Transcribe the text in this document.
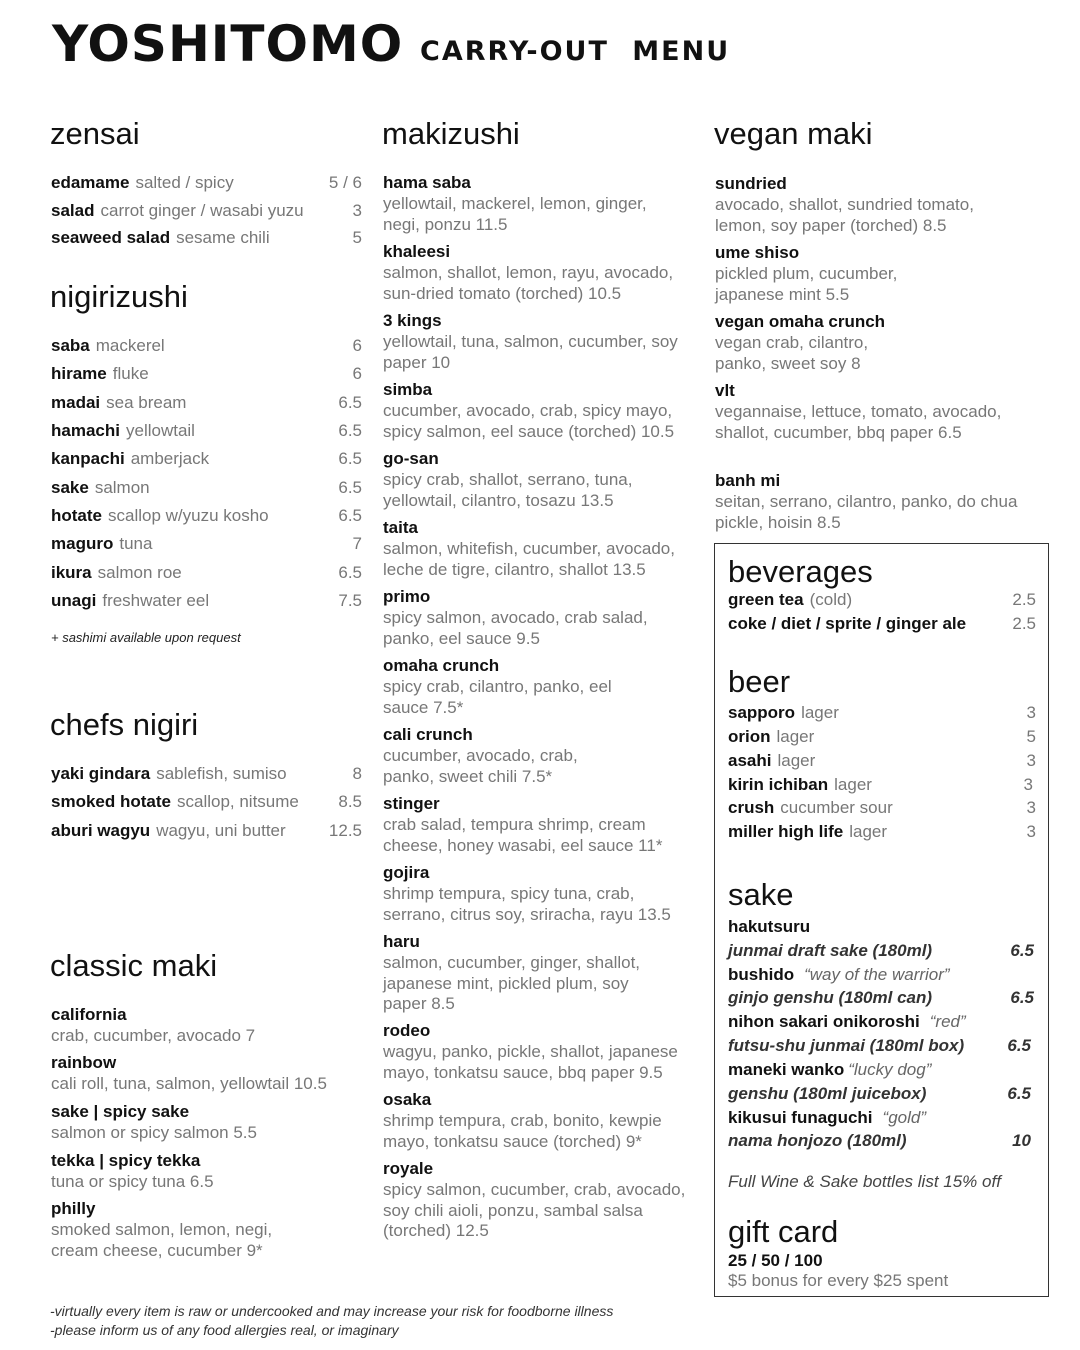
YOSHITOMO CARRY-OUT MENU
zensai
edamame salted / spicy	5 / 6
salad carrot ginger / wasabi yuzu	3
seaweed salad sesame chili	5
nigirizushi
saba mackerel	6
hirame fluke	6
madai sea bream	6.5
hamachi yellowtail	6.5
kanpachi amberjack	6.5
sake salmon	6.5
hotate scallop w/yuzu kosho	6.5
maguro tuna	7
ikura salmon roe	6.5
unagi freshwater eel	7.5
+ sashimi available upon request
chefs nigiri
yaki gindara sablefish, sumiso	8
smoked hotate scallop, nitsume 8.5
aburi wagyu wagyu, uni butter	12.5
classic maki
california
crab, cucumber, avocado 7
rainbow
cali roll, tuna, salmon, yellowtail 10.5
sake | spicy sake
salmon or spicy salmon 5.5
tekka | spicy tekka
tuna or spicy tuna 6.5
philly
smoked salmon, lemon, negi, cream cheese, cucumber 9*
makizushi
hama saba
yellowtail, mackerel, lemon, ginger, negi, ponzu 11.5
khaleesi
salmon, shallot, lemon, rayu, avocado, sun-dried tomato (torched) 10.5
3 kings
yellowtail, tuna, salmon, cucumber, soy paper 10
simba
cucumber, avocado, crab, spicy mayo, spicy salmon, eel sauce (torched) 10.5
go-san
spicy crab, shallot, serrano, tuna, yellowtail, cilantro, tosazu 13.5
taita
salmon, whitefish, cucumber, avocado, leche de tigre, cilantro, shallot 13.5
primo
spicy salmon, avocado, crab salad, panko, eel sauce 9.5
omaha crunch
spicy crab, cilantro, panko, eel sauce 7.5*
cali crunch
cucumber, avocado, crab, panko, sweet chili 7.5*
stinger
crab salad, tempura shrimp, cream cheese, honey wasabi, eel sauce 11*
gojira
shrimp tempura, spicy tuna, crab, serrano, citrus soy, sriracha, rayu 13.5
haru
salmon, cucumber, ginger, shallot, japanese mint, pickled plum, soy paper 8.5
rodeo
wagyu, panko, pickle, shallot, japanese mayo, tonkatsu sauce, bbq paper 9.5
osaka
shrimp tempura, crab, bonito, kewpie mayo, tonkatsu sauce (torched) 9*
royale
spicy salmon, cucumber, crab, avocado, soy chili aioli, ponzu, sambal salsa (torched) 12.5
vegan maki
sundried
avocado, shallot, sundried tomato, lemon, soy paper (torched) 8.5
ume shiso
pickled plum, cucumber, japanese mint 5.5
vegan omaha crunch
vegan crab, cilantro, panko, sweet soy 8
vlt
vegannaise, lettuce, tomato, avocado, shallot, cucumber, bbq paper 6.5
banh mi
seitan, serrano, cilantro, panko, do chua pickle, hoisin 8.5
beverages
green tea (cold)	2.5
coke / diet / sprite / ginger ale	2.5
beer
sapporo lager	3
orion lager	5
asahi lager	3
kirin ichiban lager	3
crush cucumber sour	3
miller high life lager	3
sake
hakutsuru
junmai draft sake (180ml)	6.5
bushido “way of the warrior”
ginjo genshu (180ml can)	6.5
nihon sakari onikoroshi “red”
futsu-shu junmai (180ml box)	6.5
maneki wanko “lucky dog”
genshu (180ml juicebox)	6.5
kikusui funaguchi “gold”
nama honjozo (180ml)	10
Full Wine & Sake bottles list 15% off
gift card
25 / 50 / 100
$5 bonus for every $25 spent
-virtually every item is raw or undercooked and may increase your risk for foodborne illness
-please inform us of any food allergies real, or imaginary
